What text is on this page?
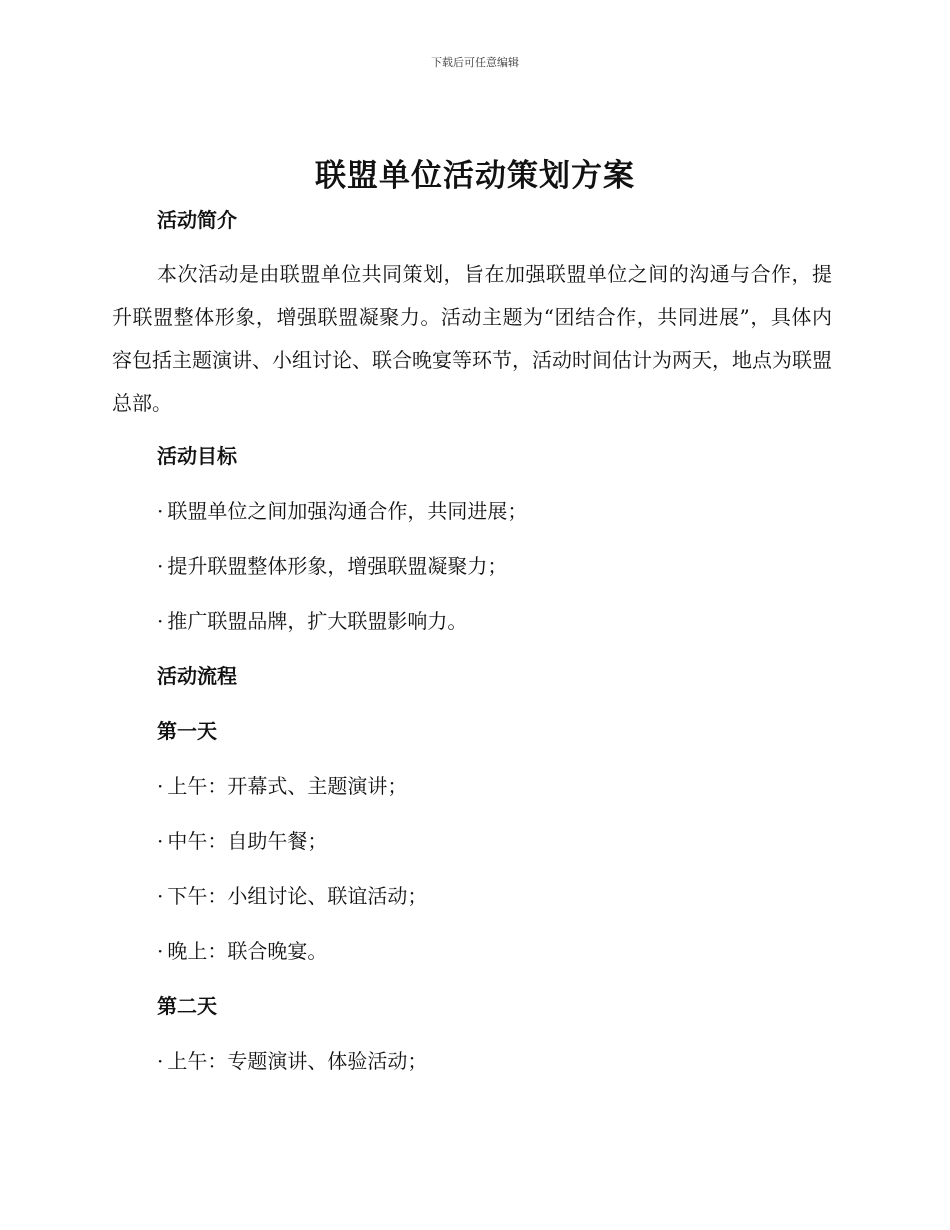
下载后可任意编辑
联盟单位活动策划方案
活动简介

本次活动是由联盟单位共同策划，旨在加强联盟单位之间的沟通与合作，提升联盟整体形象，增强联盟凝聚力。活动主题为“团结合作，共同进展”，具体内容包括主题演讲、小组讨论、联合晚宴等环节，活动时间估计为两天，地点为联盟总部。

活动目标

· 联盟单位之间加强沟通合作，共同进展；

· 提升联盟整体形象，增强联盟凝聚力；

· 推广联盟品牌，扩大联盟影响力。

活动流程
第一天

· 上午：开幕式、主题演讲；

· 中午：自助午餐；

· 下午：小组讨论、联谊活动；

· 晚上：联合晚宴。

第二天

· 上午：专题演讲、体验活动；
